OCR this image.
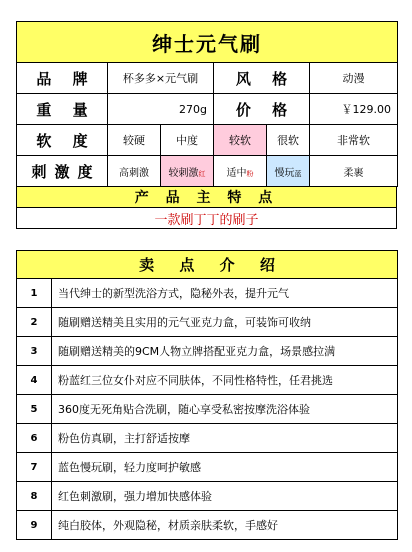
绅士元气刷					
品 牌	杯多多×元气刷		风 格		动漫
重 量	270g		价 格		￥129.00
软 度	较硬	中度	较软	很软	非常软
刺激度	高刺激	较刺激红	适中粉	慢玩蓝	柔裹
产 品 主 特 点
一款刷丁丁的刷子
卖 点 介 绍	
1	当代绅士的新型洗浴方式，隐秘外表，提升元气
2	随刷赠送精美且实用的元气亚克力盒，可装饰可收纳
3	随刷赠送精美的9CM人物立牌搭配亚克力盒，场景感拉满
4	粉蓝红三位女仆对应不同肤体，不同性格特性，任君挑选
5	360度无死角贴合洗刷，随心享受私密按摩洗浴体验
6	粉色仿真刷，主打舒适按摩
7	蓝色慢玩刷，轻力度呵护敏感
8	红色刺激刷，强力增加快感体验
9	纯白胶体，外观隐秘，材质亲肤柔软，手感好
